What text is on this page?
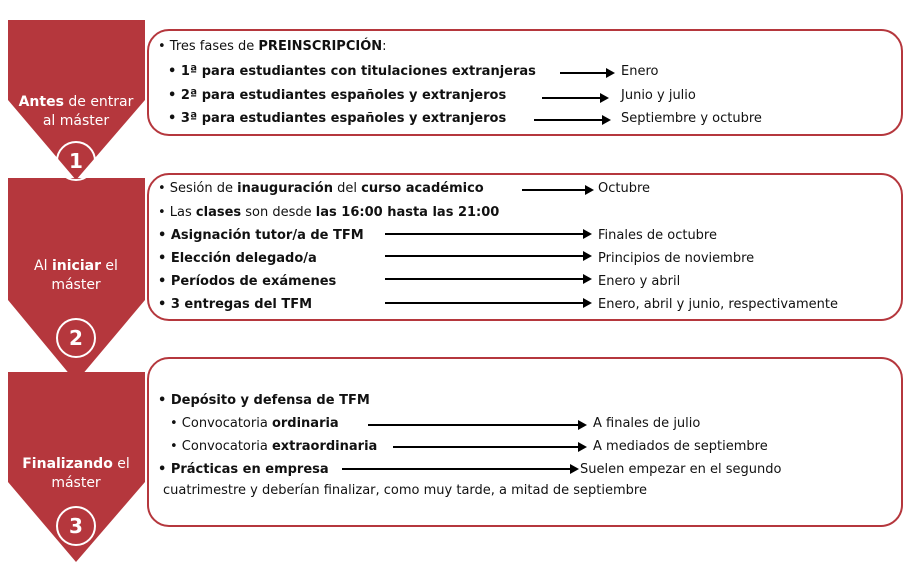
Antes de entrar al máster
1
Al iniciar el máster
2
Finalizando el máster
3
• Tres fases de PREINSCRIPCIÓN:
• 1ª para estudiantes con titulaciones extranjeras	Enero
• 2ª para estudiantes españoles y extranjeros	Junio y julio
• 3ª para estudiantes españoles y extranjeros	Septiembre y octubre
• Sesión de inauguración del curso académico	Octubre
• Las clases son desde las 16:00 hasta las 21:00
• Asignación tutor/a de TFM	Finales de octubre
• Elección delegado/a	Principios de noviembre
• Períodos de exámenes	Enero y abril
• 3 entregas del TFM	Enero, abril y junio, respectivamente
• Depósito y defensa de TFM
• Convocatoria ordinaria	A finales de julio
• Convocatoria extraordinaria	A mediados de septiembre
• Prácticas en empresa	Suelen empezar en el segundo
cuatrimestre y deberían finalizar, como muy tarde, a mitad de septiembre
